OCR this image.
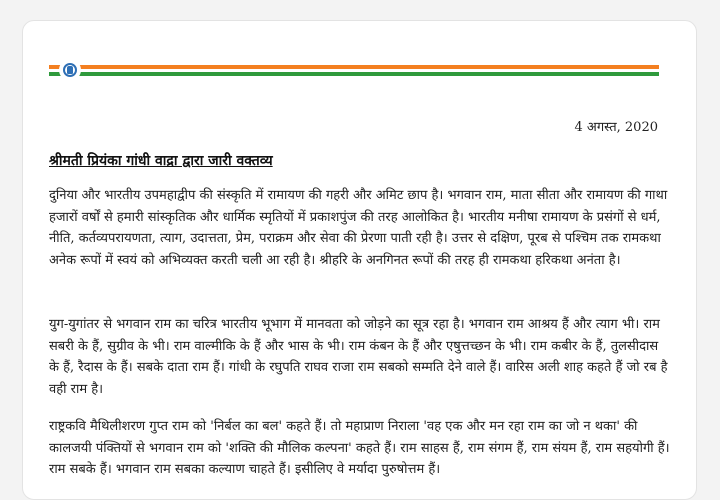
4 अगस्त, 2020
श्रीमती प्रियंका गांधी वाद्रा द्वारा जारी वक्तव्य

दुनिया और भारतीय उपमहाद्वीप की संस्कृति में रामायण की गहरी और अमिट छाप है। भगवान राम, माता सीता और रामायण की गाथा हजारों वर्षों से हमारी सांस्कृतिक और धार्मिक स्मृतियों में प्रकाशपुंज की तरह आलोकित है। भारतीय मनीषा रामायण के प्रसंगों से धर्म, नीति, कर्तव्यपरायणता, त्याग, उदात्तता, प्रेम, पराक्रम और सेवा की प्रेरणा पाती रही है। उत्तर से दक्षिण, पूरब से पश्चिम तक रामकथा अनेक रूपों में स्वयं को अभिव्यक्त करती चली आ रही है। श्रीहरि के अनगिनत रूपों की तरह ही रामकथा हरिकथा अनंता है।

युग-युगांतर से भगवान राम का चरित्र भारतीय भूभाग में मानवता को जोड़ने का सूत्र रहा है। भगवान राम आश्रय हैं और त्याग भी। राम सबरी के हैं, सुग्रीव के भी। राम वाल्मीकि के हैं और भास के भी। राम कंबन के हैं और एषुत्तच्छन के भी। राम कबीर के हैं, तुलसीदास के हैं, रैदास के हैं। सबके दाता राम हैं। गांधी के रघुपति राघव राजा राम सबको सम्मति देने वाले हैं। वारिस अली शाह कहते हैं जो रब है वही राम है।

राष्ट्रकवि मैथिलीशरण गुप्त राम को 'निर्बल का बल' कहते हैं। तो महाप्राण निराला 'वह एक और मन रहा राम का जो न थका' की कालजयी पंक्तियों से भगवान राम को 'शक्ति की मौलिक कल्पना' कहते हैं। राम साहस हैं, राम संगम हैं, राम संयम हैं, राम सहयोगी हैं। राम सबके हैं। भगवान राम सबका कल्याण चाहते हैं। इसीलिए वे मर्यादा पुरुषोत्तम हैं।
